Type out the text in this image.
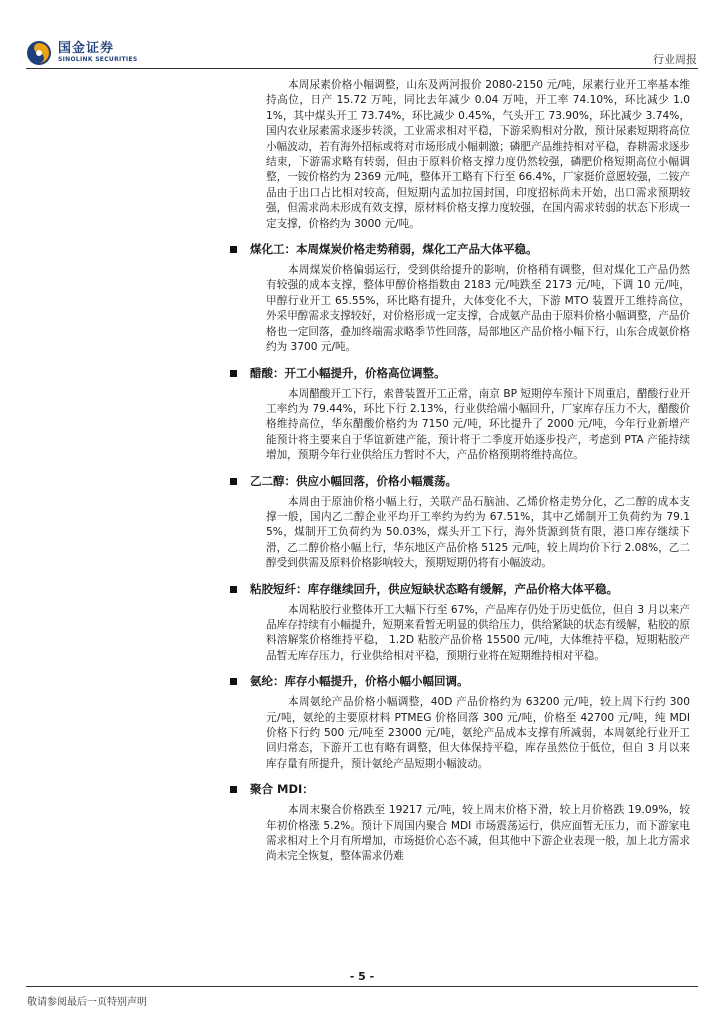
国金证券
SINOLINK SECURITIES	行业周报

本周尿素价格小幅调整，山东及两河报价 2080-2150 元/吨，尿素行业开工率基本维持高位，日产 15.72 万吨，同比去年减少 0.04 万吨，开工率 74.10%，环比减少 1.01%，其中煤头开工 73.74%，环比减少 0.45%，气头开工 73.90%，环比减少 3.74%，国内农业尿素需求逐步转淡，工业需求相对平稳，下游采购相对分散，预计尿素短期将高位小幅波动，若有海外招标或将对市场形成小幅刺激；磷肥产品维持相对平稳，春耕需求逐步结束，下游需求略有转弱，但由于原料价格支撑力度仍然较强，磷肥价格短期高位小幅调整，一铵价格约为 2369 元/吨，整体开工略有下行至 66.4%，厂家挺价意愿较强，二铵产品由于出口占比相对较高，但短期内孟加拉国封国，印度招标尚未开始，出口需求预期较强，但需求尚未形成有效支撑，原材料价格支撑力度较强，在国内需求转弱的状态下形成一定支撑，价格约为 3000 元/吨。

煤化工：本周煤炭价格走势稍弱，煤化工产品大体平稳。

本周煤炭价格偏弱运行，受到供给提升的影响，价格稍有调整，但对煤化工产品仍然有较强的成本支撑，整体甲醇价格指数由 2183 元/吨跌至 2173 元/吨，下调 10 元/吨，甲醇行业开工 65.55%，环比略有提升，大体变化不大，下游 MTO 装置开工维持高位，外采甲醇需求支撑较好，对价格形成一定支撑，合成氨产品由于原料价格小幅调整，产品价格也一定回落，叠加终端需求略季节性回落，局部地区产品价格小幅下行，山东合成氨价格约为 3700 元/吨。

醋酸：开工小幅提升，价格高位调整。

本周醋酸开工下行，索普装置开工正常，南京 BP 短期停车预计下周重启，醋酸行业开工率约为 79.44%，环比下行 2.13%，行业供给端小幅回升，厂家库存压力不大，醋酸价格维持高位，华东醋酸价格约为 7150 元/吨，环比提升了 2000 元/吨，今年行业新增产能预计将主要来自于华谊新建产能，预计将于二季度开始逐步投产，考虑到 PTA 产能持续增加，预期今年行业供给压力暂时不大，产品价格预期将维持高位。

乙二醇：供应小幅回落，价格小幅震荡。

本周由于原油价格小幅上行，关联产品石脑油、乙烯价格走势分化，乙二醇的成本支撑一般，国内乙二醇企业平均开工率约为约为 67.51%，其中乙烯制开工负荷约为 79.15%，煤制开工负荷约为 50.03%，煤头开工下行，海外货源到货有限，港口库存继续下滑，乙二醇价格小幅上行，华东地区产品价格 5125 元/吨，较上周均价下行 2.08%，乙二醇受到供需及原料价格影响较大，预期短期仍将有小幅波动。

粘胶短纤：库存继续回升，供应短缺状态略有缓解，产品价格大体平稳。

本周粘胶行业整体开工大幅下行至 67%，产品库存仍处于历史低位，但自 3 月以来产品库存持续有小幅提升，短期来看暂无明显的供给压力，供给紧缺的状态有缓解，粘胶的原料溶解浆价格维持平稳， 1.2D 粘胶产品价格 15500 元/吨，大体维持平稳，短期粘胶产品暂无库存压力，行业供给相对平稳，预期行业将在短期维持相对平稳。

氨纶：库存小幅提升，价格小幅小幅回调。

本周氨纶产品价格小幅调整，40D 产品价格约为 63200 元/吨，较上周下行约 300 元/吨，氨纶的主要原材料 PTMEG 价格回落 300 元/吨，价格至 42700 元/吨，纯 MDI 价格下行约 500 元/吨至 23000 元/吨，氨纶产品成本支撑有所减弱，本周氨纶行业开工回归常态，下游开工也有略有调整，但大体保持平稳，库存虽然位于低位，但自 3 月以来库存量有所提升，预计氨纶产品短期小幅波动。

聚合 MDI：

本周末聚合价格跌至 19217 元/吨，较上周末价格下滑，较上月价格跌 19.09%，较年初价格涨 5.2%。预计下周国内聚合 MDI 市场震荡运行，供应面暂无压力，而下游家电需求相对上个月有所增加，市场挺价心态不减，但其他中下游企业表现一般，加上北方需求尚未完全恢复，整体需求仍难

- 5 -
敬请参阅最后一页特别声明
